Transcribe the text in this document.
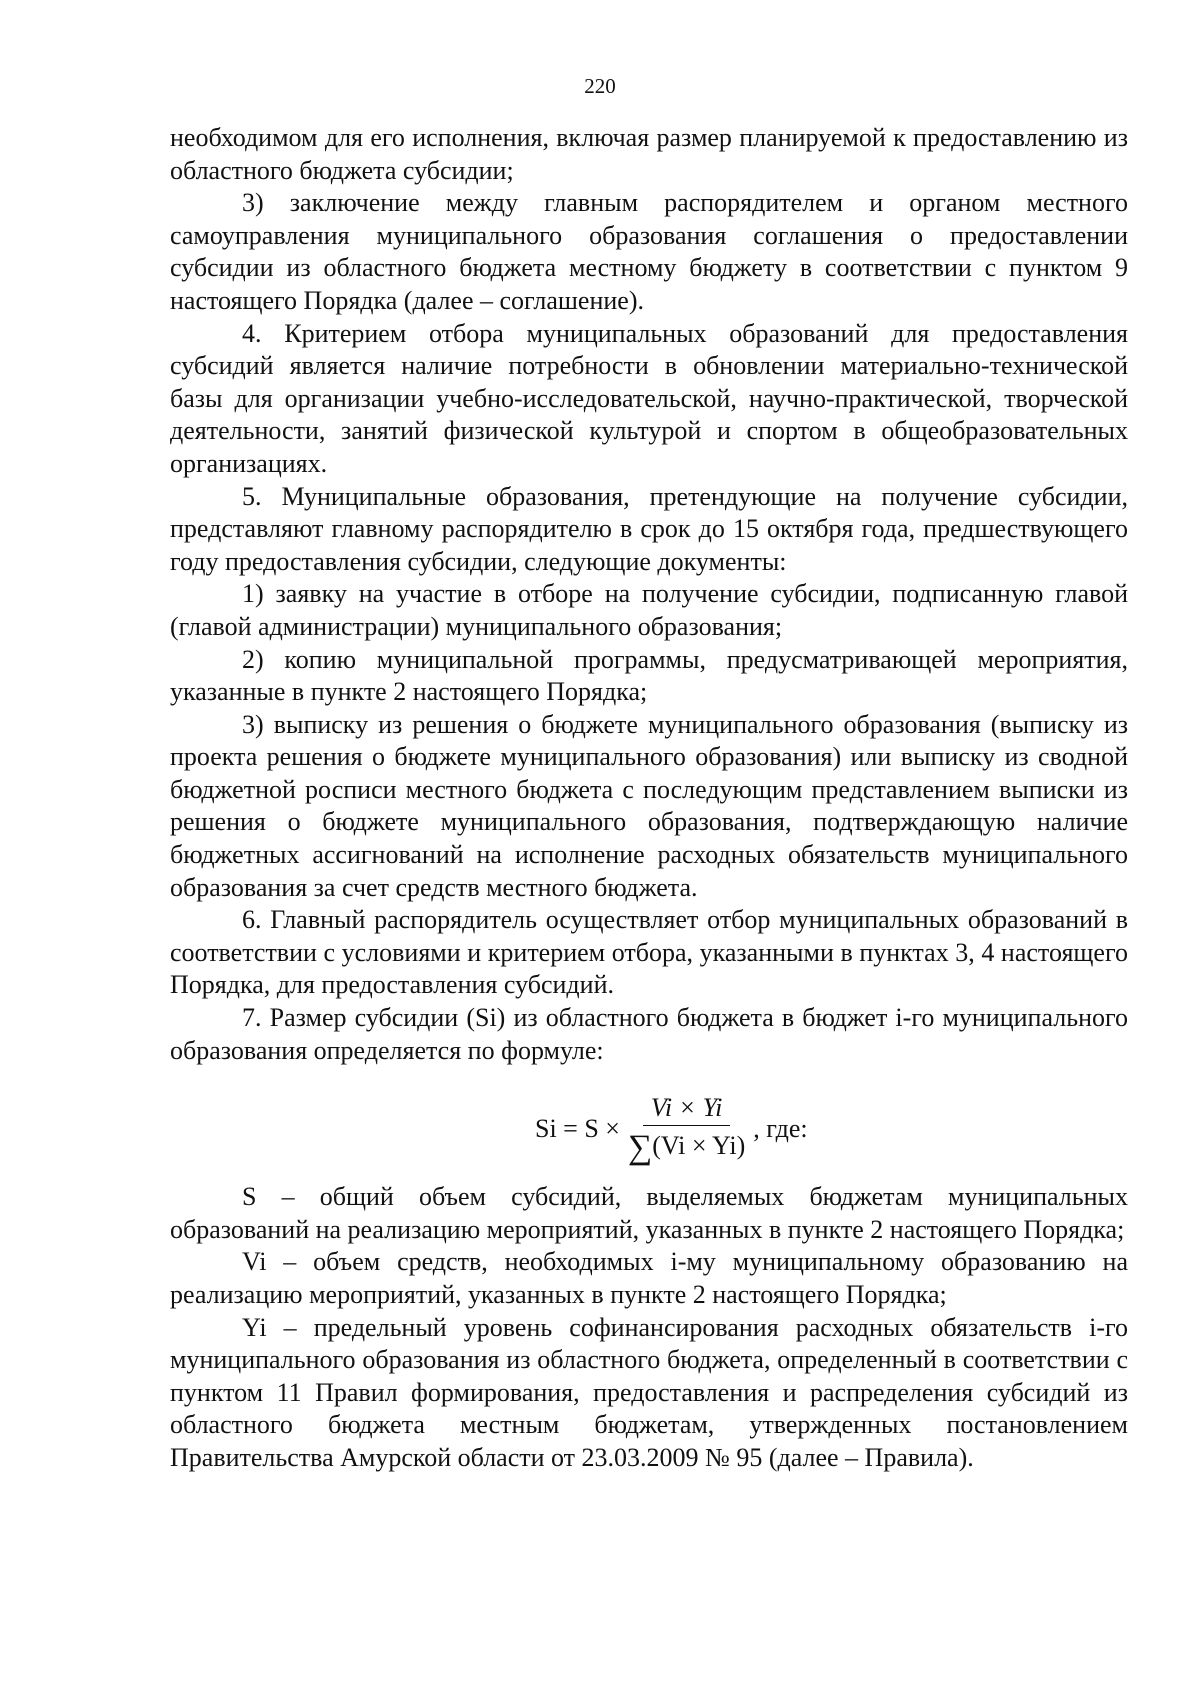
220

необходимом для его исполнения, включая размер планируемой к предоставлению из областного бюджета субсидии;

3) заключение между главным распорядителем и органом местного самоуправления муниципального образования соглашения о предоставлении субсидии из областного бюджета местному бюджету в соответствии с пунктом 9 настоящего Порядка (далее – соглашение).

4. Критерием отбора муниципальных образований для предоставления субсидий является наличие потребности в обновлении материально-технической базы для организации учебно-исследовательской, научно-практической, творческой деятельности, занятий физической культурой и спортом в общеобразовательных организациях.

5. Муниципальные образования, претендующие на получение субсидии, представляют главному распорядителю в срок до 15 октября года, предшествующего году предоставления субсидии, следующие документы:

1) заявку на участие в отборе на получение субсидии, подписанную главой (главой администрации) муниципального образования;

2) копию муниципальной программы, предусматривающей мероприятия, указанные в пункте 2 настоящего Порядка;

3) выписку из решения о бюджете муниципального образования (выписку из проекта решения о бюджете муниципального образования) или выписку из сводной бюджетной росписи местного бюджета с последующим представлением выписки из решения о бюджете муниципального образования, подтверждающую наличие бюджетных ассигнований на исполнение расходных обязательств муниципального образования за счет средств местного бюджета.

6. Главный распорядитель осуществляет отбор муниципальных образований в соответствии с условиями и критерием отбора, указанными в пунктах 3, 4 настоящего Порядка, для предоставления субсидий.

7. Размер субсидии (Si) из областного бюджета в бюджет i-го муниципального образования определяется по формуле:

$Si = S \times \frac{Vi \times Yi}{\sum(Vi \times Yi)}$ , где:

S – общий объем субсидий, выделяемых бюджетам муниципальных образований на реализацию мероприятий, указанных в пункте 2 настоящего Порядка;

Vi – объем средств, необходимых i-му муниципальному образованию на реализацию мероприятий, указанных в пункте 2 настоящего Порядка;

Yi – предельный уровень софинансирования расходных обязательств i-го муниципального образования из областного бюджета, определенный в соответствии с пунктом 11 Правил формирования, предоставления и распределения субсидий из областного бюджета местным бюджетам, утвержденных постановлением Правительства Амурской области от 23.03.2009 № 95 (далее – Правила).
